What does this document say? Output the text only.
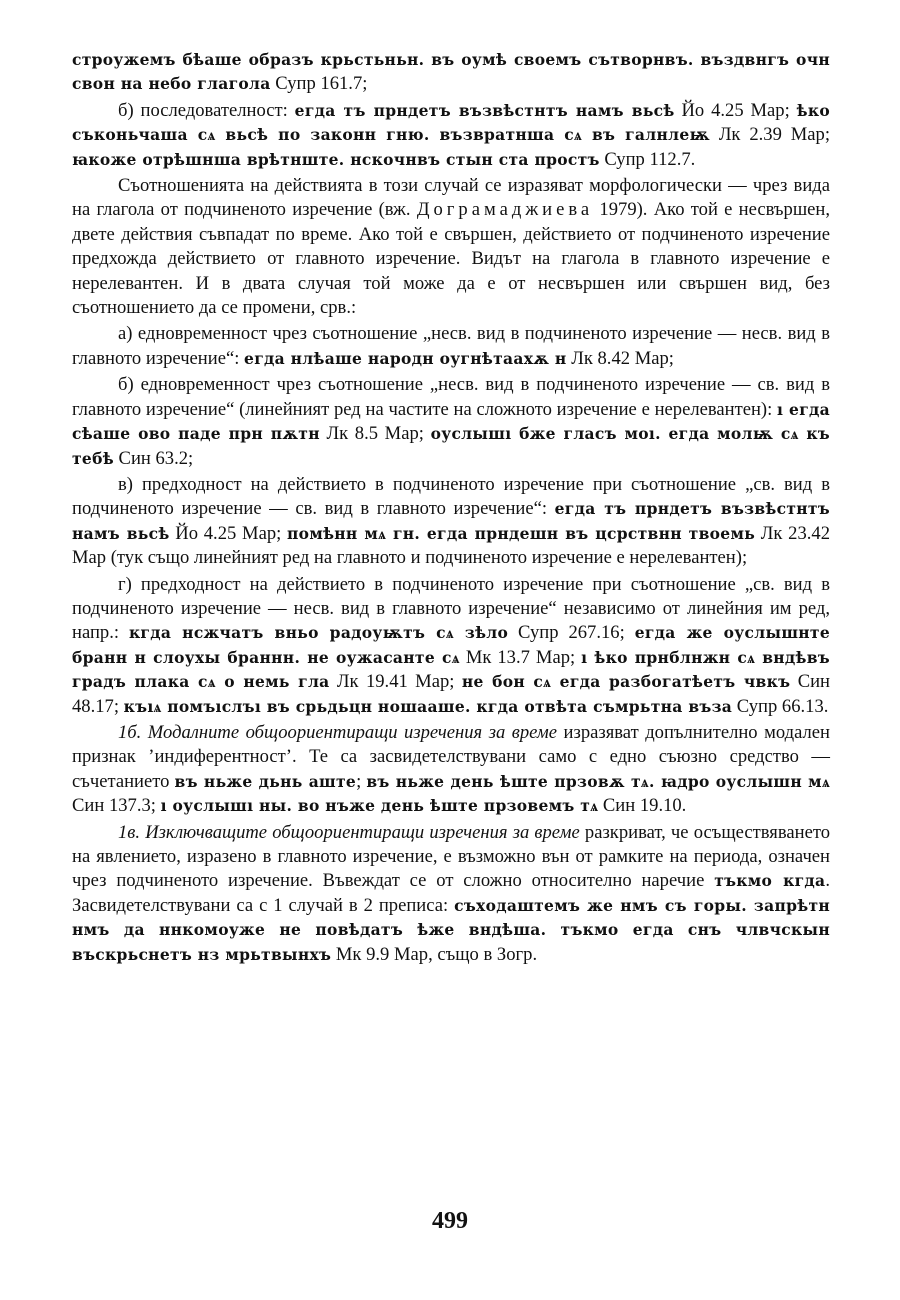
строужемъ бѣаше образъ крьстьньн. въ оумѣ своемъ сътворнвъ. въздвнгъ очн свон на небо глагола Супр 161.7;

б) последователност: егда тъ прндетъ възвѣстнтъ намъ вьсѣ Йо 4.25 Мар; ѣко съконьчаша сѧ вьсѣ по законн гню. възвратнша сѧ въ галнлеѭ Лк 2.39 Мар; ꙗкоже отрѣшнша врѣтнште. нскочнвъ стын ста простъ Супр 112.7.

Съотношенията на действията в този случай се изразяват морфологически — чрез вида на глагола от подчиненото изречение (вж. Дограмаджиева 1979). Ако той е несвършен, двете действия съвпадат по време. Ако той е свършен, действието от подчиненото изречение предхожда действието от главното изречение. Видът на глагола в главното изречение е нерелевантен. И в двата случая той може да е от несвършен или свършен вид, без съотношението да се промени, срв.:

а) едновременност чрез съотношение „несв. вид в подчиненото изречение — несв. вид в главното изречение“: егда нлѣаше народн оугнѣтаахѫ н Лк 8.42 Мар;

б) едновременност чрез съотношение „несв. вид в подчиненото изречение — св. вид в главното изречение“ (линейният ред на частите на сложното изречение е нерелевантен): ı егда сѣаше ово паде прн пѫтн Лк 8.5 Мар; оуслышı бже гласъ моı. егда молѭ сѧ къ тебѣ Син 63.2;

в) предходност на действието в подчиненото изречение при съотношение „св. вид в подчиненото изречение — св. вид в главното изречение“: егда тъ прндетъ възвѣстнтъ намъ вьсѣ Йо 4.25 Мар; помѣнн мѧ гн. егда прндешн въ цсрствнн твоемь Лк 23.42 Мар (тук също линейният ред на главното и подчиненото изречение е нерелевантен);

г) предходност на действието в подчиненото изречение при съотношение „св. вид в подчиненото изречение — несв. вид в главното изречение“ независимо от линейния им ред, напр.: кгда нсжчатъ вньо радоуѭтъ сѧ зѣло Супр 267.16; егда же оуслышнте бранн н слоухы браннн. не оужасанте сѧ Мк 13.7 Мар; ı ѣко прнблнжн сѧ вндѣвъ градъ плака сѧ о немь гла Лк 19.41 Мар; не бон сѧ егда разбогатѣетъ чвкъ Син 48.17; къıѧ помъıслъı въ срьдьцн ношааше. кгда отвѣта съмрьтна въза Супр 66.13.

1б. Модалните общоориентиращи изречения за време изразяват допълнително модален признак ’индиферентност’. Те са засвидетелствувани само с едно съюзно средство — съчетанието въ ньже дьнь аште; въ ньже день ѣште прзовѫ тѧ. ꙗдро оуслышн мѧ Син 137.3; ı оуслышı ны. во нъже день ѣште прзовемъ тѧ Син 19.10.

1в. Изключващите общоориентиращи изречения за време разкриват, че осъществяването на явлението, изразено в главното изречение, е възможно вън от рамките на периода, означен чрез подчиненото изречение. Въвеждат се от сложно относително наречие тъкмо кгда. Засвидетелствувани са с 1 случай в 2 преписа: съходаштемъ же нмъ съ горы. запрѣтн нмъ да ннкомоуже не повѣдатъ ѣже вндѣша. тъкмо егда снъ члвчскын въскрьснетъ нз мрьтвынхъ Мк 9.9 Мар, също в Зогр.

499
